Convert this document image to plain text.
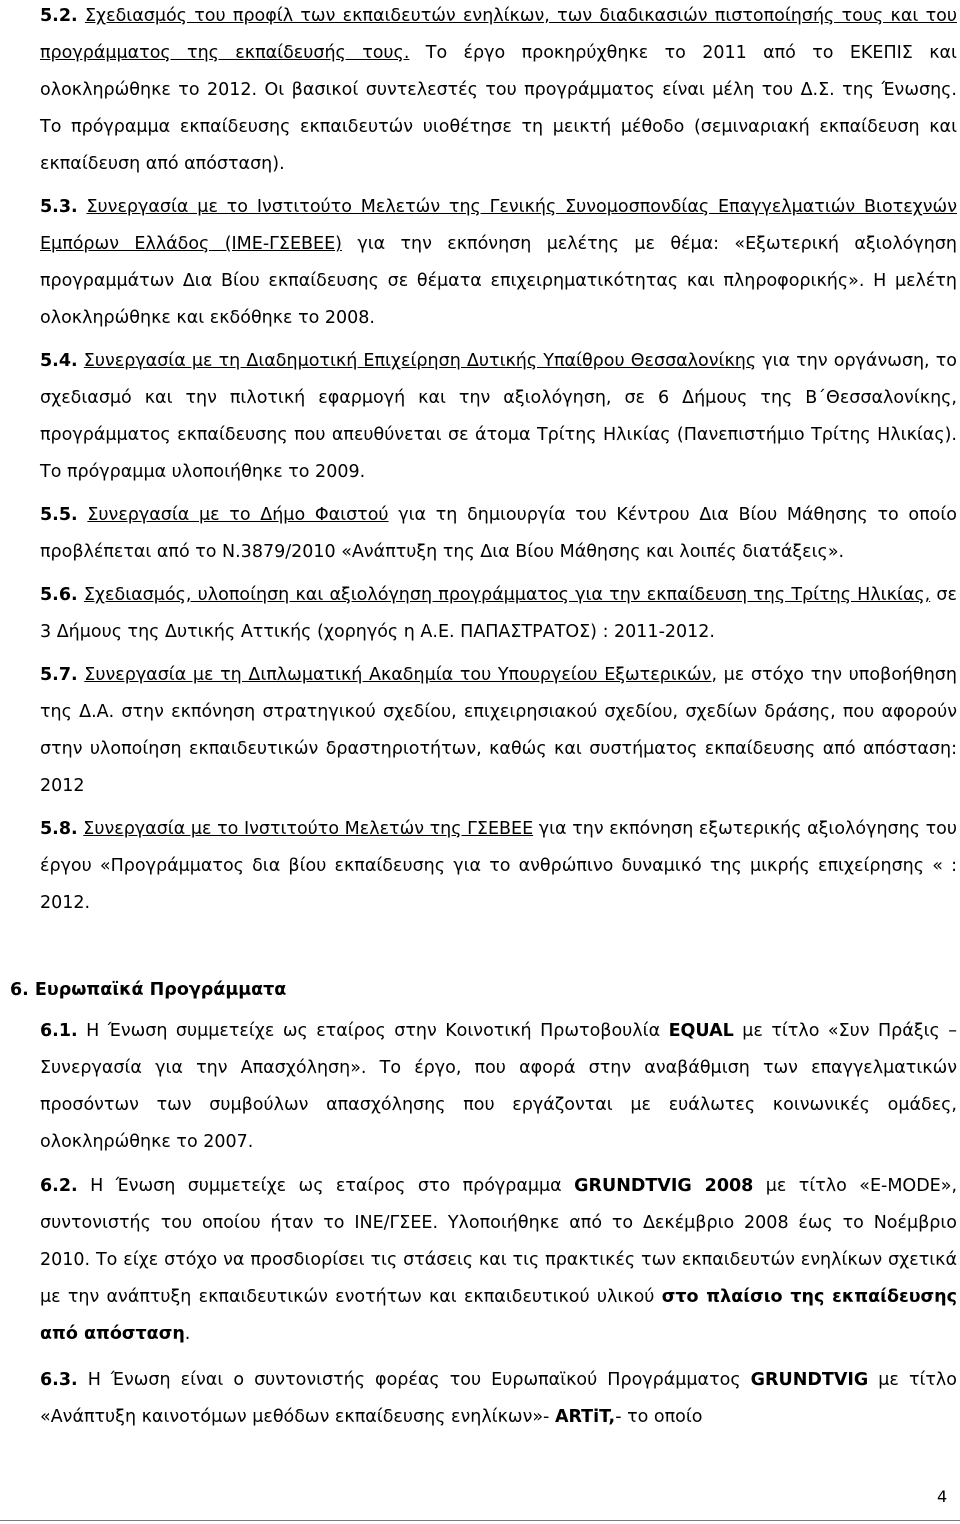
5.2. Σχεδιασμός του προφίλ των εκπαιδευτών ενηλίκων, των διαδικασιών πιστοποίησής τους και του προγράμματος της εκπαίδευσής τους. Το έργο προκηρύχθηκε το 2011 από το ΕΚΕΠΙΣ και ολοκληρώθηκε το 2012. Οι βασικοί συντελεστές του προγράμματος είναι μέλη του Δ.Σ. της Ένωσης. Το πρόγραμμα εκπαίδευσης εκπαιδευτών υιοθέτησε τη μεικτή μέθοδο (σεμιναριακή εκπαίδευση και εκπαίδευση από απόσταση).
5.3. Συνεργασία με το Ινστιτούτο Μελετών της Γενικής Συνομοσπονδίας Επαγγελματιών Βιοτεχνών Εμπόρων Ελλάδος (ΙΜΕ-ΓΣΕΒΕΕ) για την εκπόνηση μελέτης με θέμα: «Εξωτερική αξιολόγηση προγραμμάτων Δια Βίου εκπαίδευσης σε θέματα επιχειρηματικότητας και πληροφορικής». Η μελέτη ολοκληρώθηκε και εκδόθηκε το 2008.
5.4. Συνεργασία με τη Διαδημοτική Επιχείρηση Δυτικής Υπαίθρου Θεσσαλονίκης για την οργάνωση, το σχεδιασμό και την πιλοτική εφαρμογή και την αξιολόγηση, σε 6 Δήμους της Β΄Θεσσαλονίκης, προγράμματος εκπαίδευσης που απευθύνεται σε άτομα Τρίτης Ηλικίας (Πανεπιστήμιο Τρίτης Ηλικίας). Το πρόγραμμα υλοποιήθηκε το 2009.
5.5. Συνεργασία με το Δήμο Φαιστού για τη δημιουργία του Κέντρου Δια Βίου Μάθησης το οποίο προβλέπεται από το Ν.3879/2010 «Ανάπτυξη της Δια Βίου Μάθησης και λοιπές διατάξεις».
5.6. Σχεδιασμός, υλοποίηση και αξιολόγηση προγράμματος για την εκπαίδευση της Τρίτης Ηλικίας, σε 3 Δήμους της Δυτικής Αττικής (χορηγός η Α.Ε. ΠΑΠΑΣΤΡΑΤΟΣ) : 2011-2012.
5.7. Συνεργασία με τη Διπλωματική Ακαδημία του Υπουργείου Εξωτερικών, με στόχο την υποβοήθηση της Δ.Α. στην εκπόνηση στρατηγικού σχεδίου, επιχειρησιακού σχεδίου, σχεδίων δράσης, που αφορούν στην υλοποίηση εκπαιδευτικών δραστηριοτήτων, καθώς και συστήματος εκπαίδευσης από απόσταση: 2012
5.8. Συνεργασία με το Ινστιτούτο Μελετών της ΓΣΕΒΕΕ για την εκπόνηση εξωτερικής αξιολόγησης του έργου «Προγράμματος δια βίου εκπαίδευσης για το ανθρώπινο δυναμικό της μικρής επιχείρησης « : 2012.
6. Ευρωπαϊκά Προγράμματα
6.1. Η Ένωση συμμετείχε ως εταίρος στην Κοινοτική Πρωτοβουλία EQUAL με τίτλο «Συν Πράξις – Συνεργασία για την Απασχόληση». Το έργο, που αφορά στην αναβάθμιση των επαγγελματικών προσόντων των συμβούλων απασχόλησης που εργάζονται με ευάλωτες κοινωνικές ομάδες, ολοκληρώθηκε το 2007.
6.2. Η Ένωση συμμετείχε ως εταίρος στο πρόγραμμα GRUNDTVIG 2008 με τίτλο «E-MODE», συντονιστής του οποίου ήταν το ΙΝΕ/ΓΣΕΕ. Υλοποιήθηκε από το Δεκέμβριο 2008 έως το Νοέμβριο 2010. Το είχε στόχο να προσδιορίσει τις στάσεις και τις πρακτικές των εκπαιδευτών ενηλίκων σχετικά με την ανάπτυξη εκπαιδευτικών ενοτήτων και εκπαιδευτικού υλικού στο πλαίσιο της εκπαίδευσης από απόσταση.
6.3. Η Ένωση είναι ο συντονιστής φορέας του Ευρωπαϊκού Προγράμματος GRUNDTVIG με τίτλο «Ανάπτυξη καινοτόμων μεθόδων εκπαίδευσης ενηλίκων»- ARTiT,- το οποίο
4
